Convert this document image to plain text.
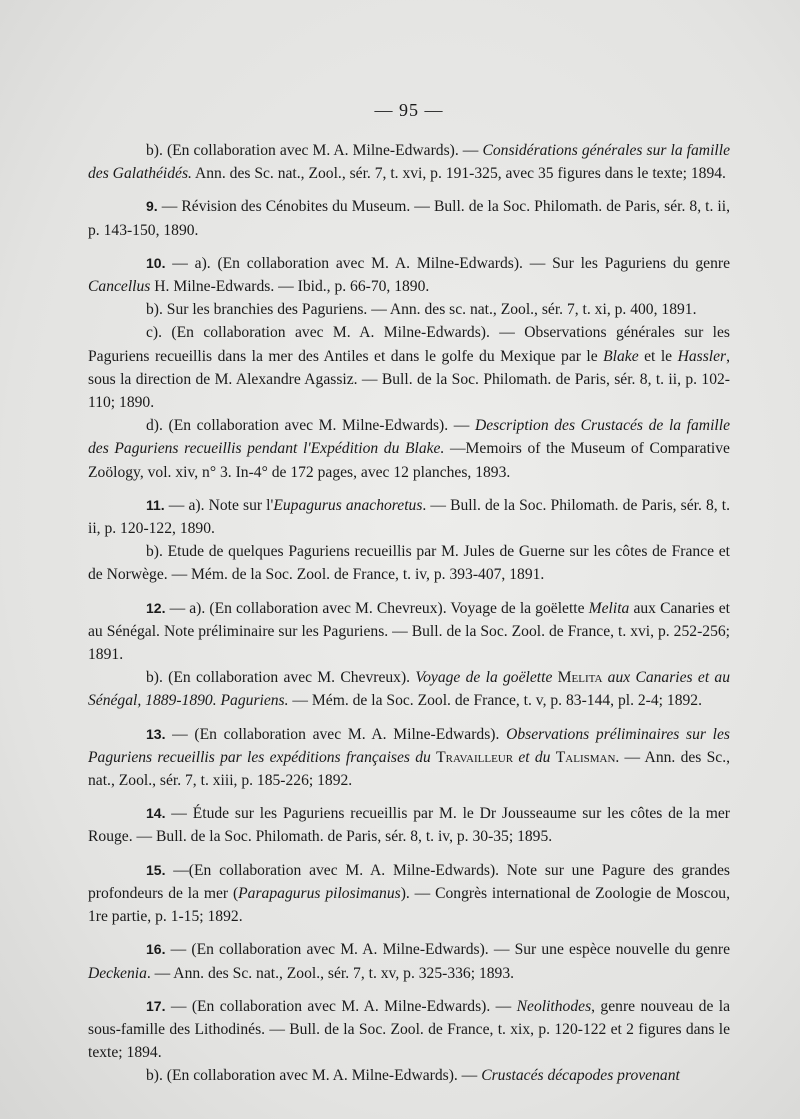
— 95 —

b). (En collaboration avec M. A. Milne-Edwards). — Considérations générales sur la famille des Galathéidés. Ann. des Sc. nat., Zool., sér. 7, t. xvi, p. 191-325, avec 35 figures dans le texte; 1894.

9. — Révision des Cénobites du Museum. — Bull. de la Soc. Philomath. de Paris, sér. 8, t. ii, p. 143-150, 1890.

10. — a). (En collaboration avec M. A. Milne-Edwards). — Sur les Paguriens du genre Cancellus H. Milne-Edwards. — Ibid., p. 66-70, 1890.

b). Sur les branchies des Paguriens. — Ann. des sc. nat., Zool., sér. 7, t. xi, p. 400, 1891.

c). (En collaboration avec M. A. Milne-Edwards). — Observations générales sur les Paguriens recueillis dans la mer des Antiles et dans le golfe du Mexique par le Blake et le Hassler, sous la direction de M. Alexandre Agassiz. — Bull. de la Soc. Philomath. de Paris, sér. 8, t. ii, p. 102-110; 1890.

d). (En collaboration avec M. Milne-Edwards). — Description des Crustacés de la famille des Paguriens recueillis pendant l'Expédition du Blake. —Memoirs of the Museum of Comparative Zoölogy, vol. xiv, n° 3. In-4° de 172 pages, avec 12 planches, 1893.

11. — a). Note sur l'Eupagurus anachoretus. — Bull. de la Soc. Philomath. de Paris, sér. 8, t. ii, p. 120-122, 1890.

b). Etude de quelques Paguriens recueillis par M. Jules de Guerne sur les côtes de France et de Norwège. — Mém. de la Soc. Zool. de France, t. iv, p. 393-407, 1891.

12. — a). (En collaboration avec M. Chevreux). Voyage de la goëlette Melita aux Canaries et au Sénégal. Note préliminaire sur les Paguriens. — Bull. de la Soc. Zool. de France, t. xvi, p. 252-256; 1891.

b). (En collaboration avec M. Chevreux). Voyage de la goëlette Melita aux Canaries et au Sénégal, 1889-1890. Paguriens. — Mém. de la Soc. Zool. de France, t. v, p. 83-144, pl. 2-4; 1892.

13. — (En collaboration avec M. A. Milne-Edwards). Observations préliminaires sur les Paguriens recueillis par les expéditions françaises du Travailleur et du Talisman. — Ann. des Sc., nat., Zool., sér. 7, t. xiii, p. 185-226; 1892.

14. — Étude sur les Paguriens recueillis par M. le Dr Jousseaume sur les côtes de la mer Rouge. — Bull. de la Soc. Philomath. de Paris, sér. 8, t. iv, p. 30-35; 1895.

15. —(En collaboration avec M. A. Milne-Edwards). Note sur une Pagure des grandes profondeurs de la mer (Parapagurus pilosimanus). — Congrès international de Zoologie de Moscou, 1re partie, p. 1-15; 1892.

16. — (En collaboration avec M. A. Milne-Edwards). — Sur une espèce nouvelle du genre Deckenia. — Ann. des Sc. nat., Zool., sér. 7, t. xv, p. 325-336; 1893.

17. — (En collaboration avec M. A. Milne-Edwards). — Neolithodes, genre nouveau de la sous-famille des Lithodinés. — Bull. de la Soc. Zool. de France, t. xix, p. 120-122 et 2 figures dans le texte; 1894.

b). (En collaboration avec M. A. Milne-Edwards). — Crustacés décapodes provenant
